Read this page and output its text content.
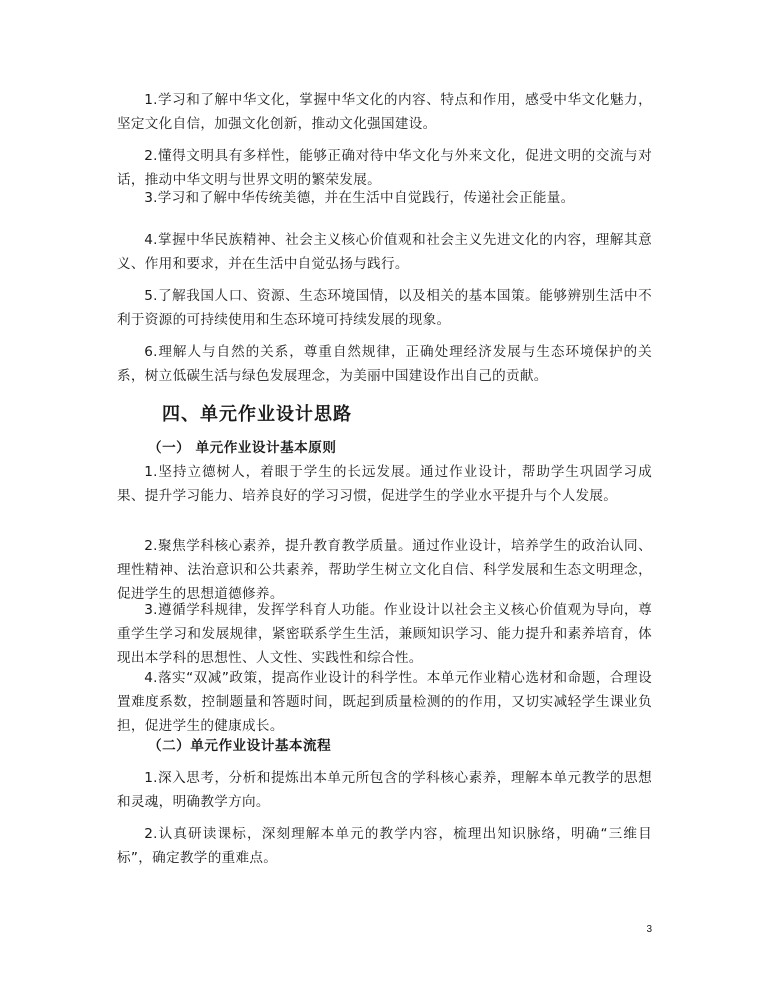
1.学习和了解中华文化，掌握中华文化的内容、特点和作用，感受中华文化魅力，坚定文化自信，加强文化创新，推动文化强国建设。

2.懂得文明具有多样性，能够正确对待中华文化与外来文化，促进文明的交流与对话，推动中华文明与世界文明的繁荣发展。

3.学习和了解中华传统美德，并在生活中自觉践行，传递社会正能量。

4.掌握中华民族精神、社会主义核心价值观和社会主义先进文化的内容，理解其意义、作用和要求，并在生活中自觉弘扬与践行。

5.了解我国人口、资源、生态环境国情，以及相关的基本国策。能够辨别生活中不利于资源的可持续使用和生态环境可持续发展的现象。

6.理解人与自然的关系，尊重自然规律，正确处理经济发展与生态环境保护的关系，树立低碳生活与绿色发展理念，为美丽中国建设作出自己的贡献。

四、单元作业设计思路
（一） 单元作业设计基本原则

1.坚持立德树人，着眼于学生的长远发展。通过作业设计，帮助学生巩固学习成果、提升学习能力、培养良好的学习习惯，促进学生的学业水平提升与个人发展。

2.聚焦学科核心素养，提升教育教学质量。通过作业设计，培养学生的政治认同、理性精神、法治意识和公共素养，帮助学生树立文化自信、科学发展和生态文明理念，促进学生的思想道德修养。

3.遵循学科规律，发挥学科育人功能。作业设计以社会主义核心价值观为导向，尊重学生学习和发展规律，紧密联系学生生活，兼顾知识学习、能力提升和素养培育，体现出本学科的思想性、人文性、实践性和综合性。

4.落实“双减”政策，提高作业设计的科学性。本单元作业精心选材和命题，合理设置难度系数，控制题量和答题时间，既起到质量检测的的作用，又切实减轻学生课业负担，促进学生的健康成长。

（二）单元作业设计基本流程

1.深入思考，分析和提炼出本单元所包含的学科核心素养，理解本单元教学的思想和灵魂，明确教学方向。

2.认真研读课标，深刻理解本单元的教学内容，梳理出知识脉络，明确“三维目标”，确定教学的重难点。

3
